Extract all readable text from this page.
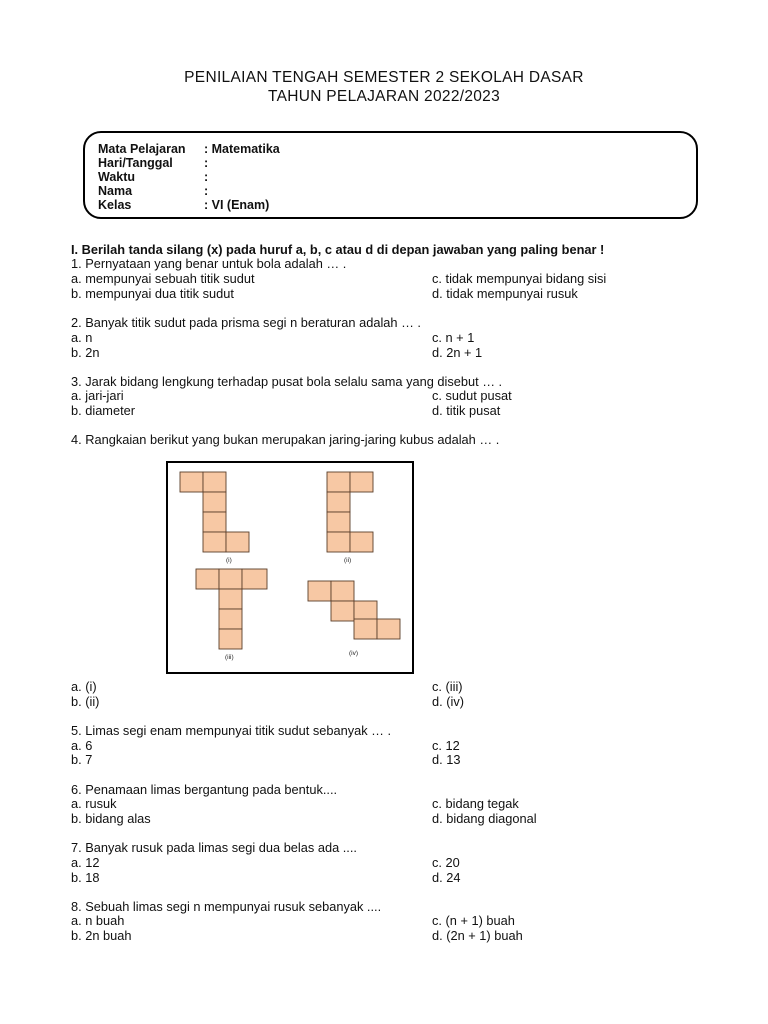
PENILAIAN TENGAH SEMESTER 2 SEKOLAH DASAR
TAHUN PELAJARAN 2022/2023
Mata Pelajaran : Matematika
Hari/Tanggal :
Waktu	:
Nama	:
Kelas	: VI (Enam)
I. Berilah tanda silang (x) pada huruf a, b, c atau d di depan jawaban yang paling benar !
1. Pernyataan yang benar untuk bola adalah … .
a. mempunyai sebuah titik sudut	c. tidak mempunyai bidang sisi
b. mempunyai dua titik sudut	d. tidak mempunyai rusuk
2. Banyak titik sudut pada prisma segi n beraturan adalah … .
a. n	c. n + 1
b. 2n	d. 2n + 1
3. Jarak bidang lengkung terhadap pusat bola selalu sama yang disebut … .
a. jari-jari	c. sudut pusat
b. diameter	d. titik pusat
4. Rangkaian berikut yang bukan merupakan jaring-jaring kubus adalah … .
(i)	(ii)
(iii)
(iv)
a. (i)	c. (iii)
b. (ii)	d. (iv)
5. Limas segi enam mempunyai titik sudut sebanyak … .
a. 6	c. 12
b. 7	d. 13
6. Penamaan limas bergantung pada bentuk....
a. rusuk	c. bidang tegak
b. bidang alas	d. bidang diagonal
7. Banyak rusuk pada limas segi dua belas ada ....
a. 12	c. 20
b. 18	d. 24
8. Sebuah limas segi n mempunyai rusuk sebanyak ....
a. n buah	c. (n + 1) buah
b. 2n buah	d. (2n + 1) buah
